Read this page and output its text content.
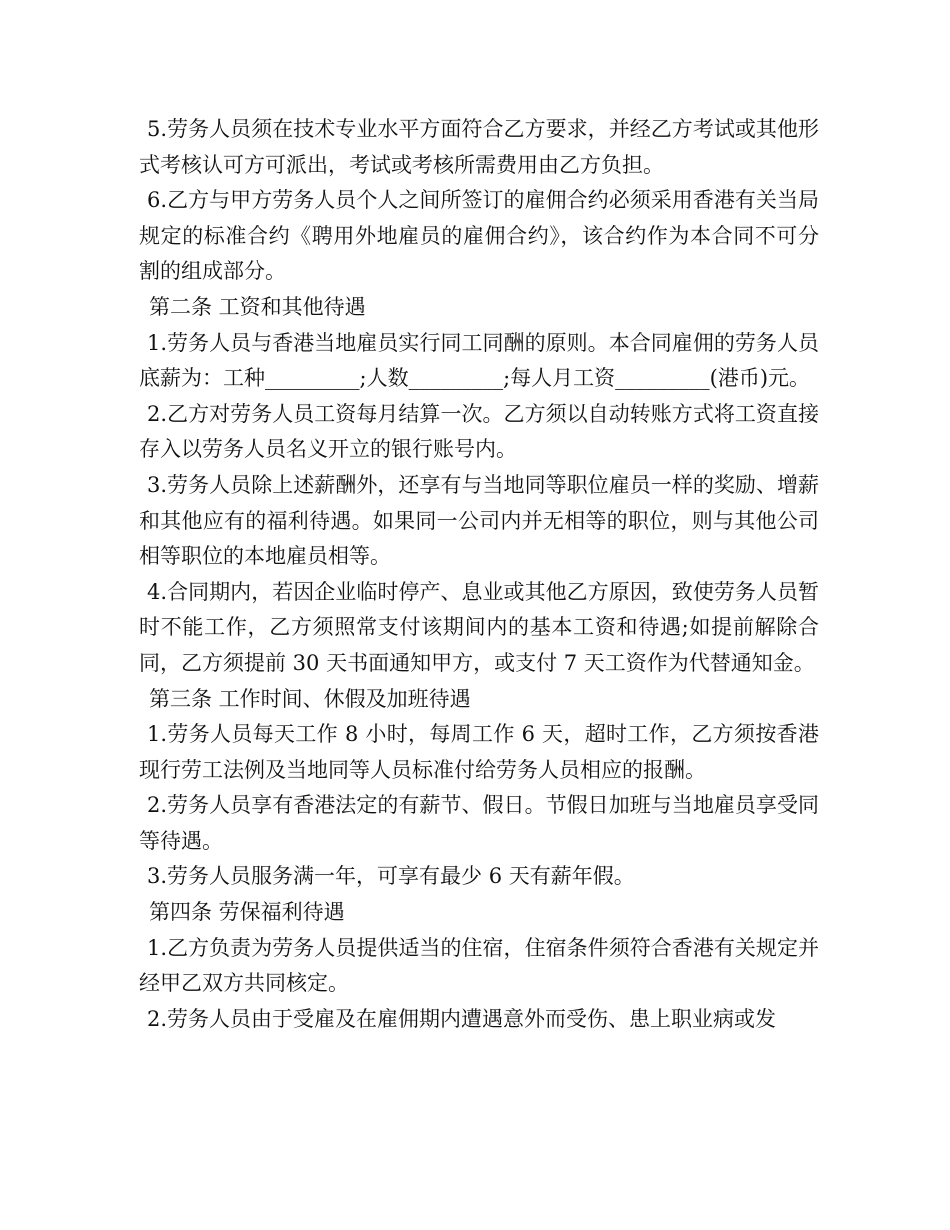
5.劳务人员须在技术专业水平方面符合乙方要求，并经乙方考试或其他形式考核认可方可派出，考试或考核所需费用由乙方负担。

6.乙方与甲方劳务人员个人之间所签订的雇佣合约必须采用香港有关当局规定的标准合约《聘用外地雇员的雇佣合约》，该合约作为本合同不可分割的组成部分。

第二条 工资和其他待遇

1.劳务人员与香港当地雇员实行同工同酬的原则。本合同雇佣的劳务人员底薪为：工种_________;人数_________;每人月工资_________(港币)元。

2.乙方对劳务人员工资每月结算一次。乙方须以自动转账方式将工资直接存入以劳务人员名义开立的银行账号内。

3.劳务人员除上述薪酬外，还享有与当地同等职位雇员一样的奖励、增薪和其他应有的福利待遇。如果同一公司内并无相等的职位，则与其他公司相等职位的本地雇员相等。

4.合同期内，若因企业临时停产、息业或其他乙方原因，致使劳务人员暂时不能工作，乙方须照常支付该期间内的基本工资和待遇;如提前解除合同，乙方须提前 30 天书面通知甲方，或支付 7 天工资作为代替通知金。

第三条 工作时间、休假及加班待遇

1.劳务人员每天工作 8 小时，每周工作 6 天，超时工作，乙方须按香港现行劳工法例及当地同等人员标准付给劳务人员相应的报酬。

2.劳务人员享有香港法定的有薪节、假日。节假日加班与当地雇员享受同等待遇。

3.劳务人员服务满一年，可享有最少 6 天有薪年假。

第四条 劳保福利待遇

1.乙方负责为劳务人员提供适当的住宿，住宿条件须符合香港有关规定并经甲乙双方共同核定。

2.劳务人员由于受雇及在雇佣期内遭遇意外而受伤、患上职业病或发
